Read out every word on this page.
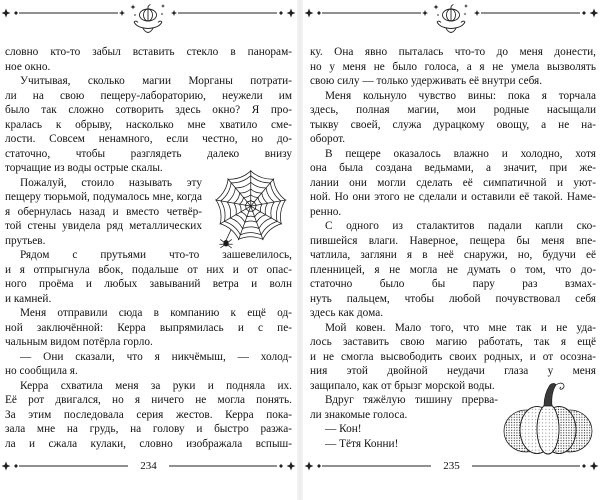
словно кто-то забыл вставить стекло в панорам-
ное окно.
Учитывая, сколько магии Морганы потрати-
ли на свою пещеру-лабораторию, неужели им
было так сложно сотворить здесь окно? Я про-
кралась к обрыву, насколько мне хватило сме-
лости. Совсем ненамного, если честно, но до-
статочно, чтобы разглядеть далеко внизу
торчащие из воды острые скалы.
Пожалуй, стоило называть эту
пещеру тюрьмой, подумалось мне, когда
я обернулась назад и вместо четвёр-
той стены увидела ряд металлических
прутьев.
Рядом с прутьями что-то зашевелилось,
и я отпрыгнула вбок, подальше от них и от опас-
ного проёма и любых завываний ветра и волн
и камней.
Меня отправили сюда в компанию к ещё од-
ной заключённой: Керра выпрямилась и с пе-
чальным видом потёрла горло.
— Они сказали, что я никчёмыш, — холод-
но сообщила я.
Керра схватила меня за руки и подняла их.
Её рот двигался, но я ничего не могла понять.
За этим последовала серия жестов. Керра пока-
зала мне на грудь, на голову и быстро разжа-
ла и сжала кулаки, словно изображала вспыш-
234
ку. Она явно пыталась что-то до меня донести,
но у меня не было голоса, а я не умела вызволять
свою силу — только удерживать её внутри себя.
Меня кольнуло чувство вины: пока я торчала
здесь, полная магии, мои родные насыщали
тыкву своей, служа дурацкому овощу, а не на-
оборот.
В пещере оказалось влажно и холодно, хотя
она была создана ведьмами, а значит, при же-
лании они могли сделать её симпатичной и уют-
ной. Но они этого не сделали и оставили её такой. Наме-
ренно.
С одного из сталактитов падали капли ско-
пившейся влаги. Наверное, пещера бы меня впе-
чатлила, загляни я в неё снаружи, но, будучи её
пленницей, я не могла не думать о том, что до-
статочно было бы пару раз взмах-
нуть пальцем, чтобы любой почувствовал себя
здесь как дома.
Мой ковен. Мало того, что мне так и не уда-
лось заставить свою магию работать, так я ещё
и не смогла высвободить своих родных, и от осозна-
ния этой двойной неудачи глаза у меня
защипало, как от брызг морской воды.
Вдруг тяжёлую тишину прерва-
ли знакомые голоса.
— Кон!
— Тётя Конни!
235
